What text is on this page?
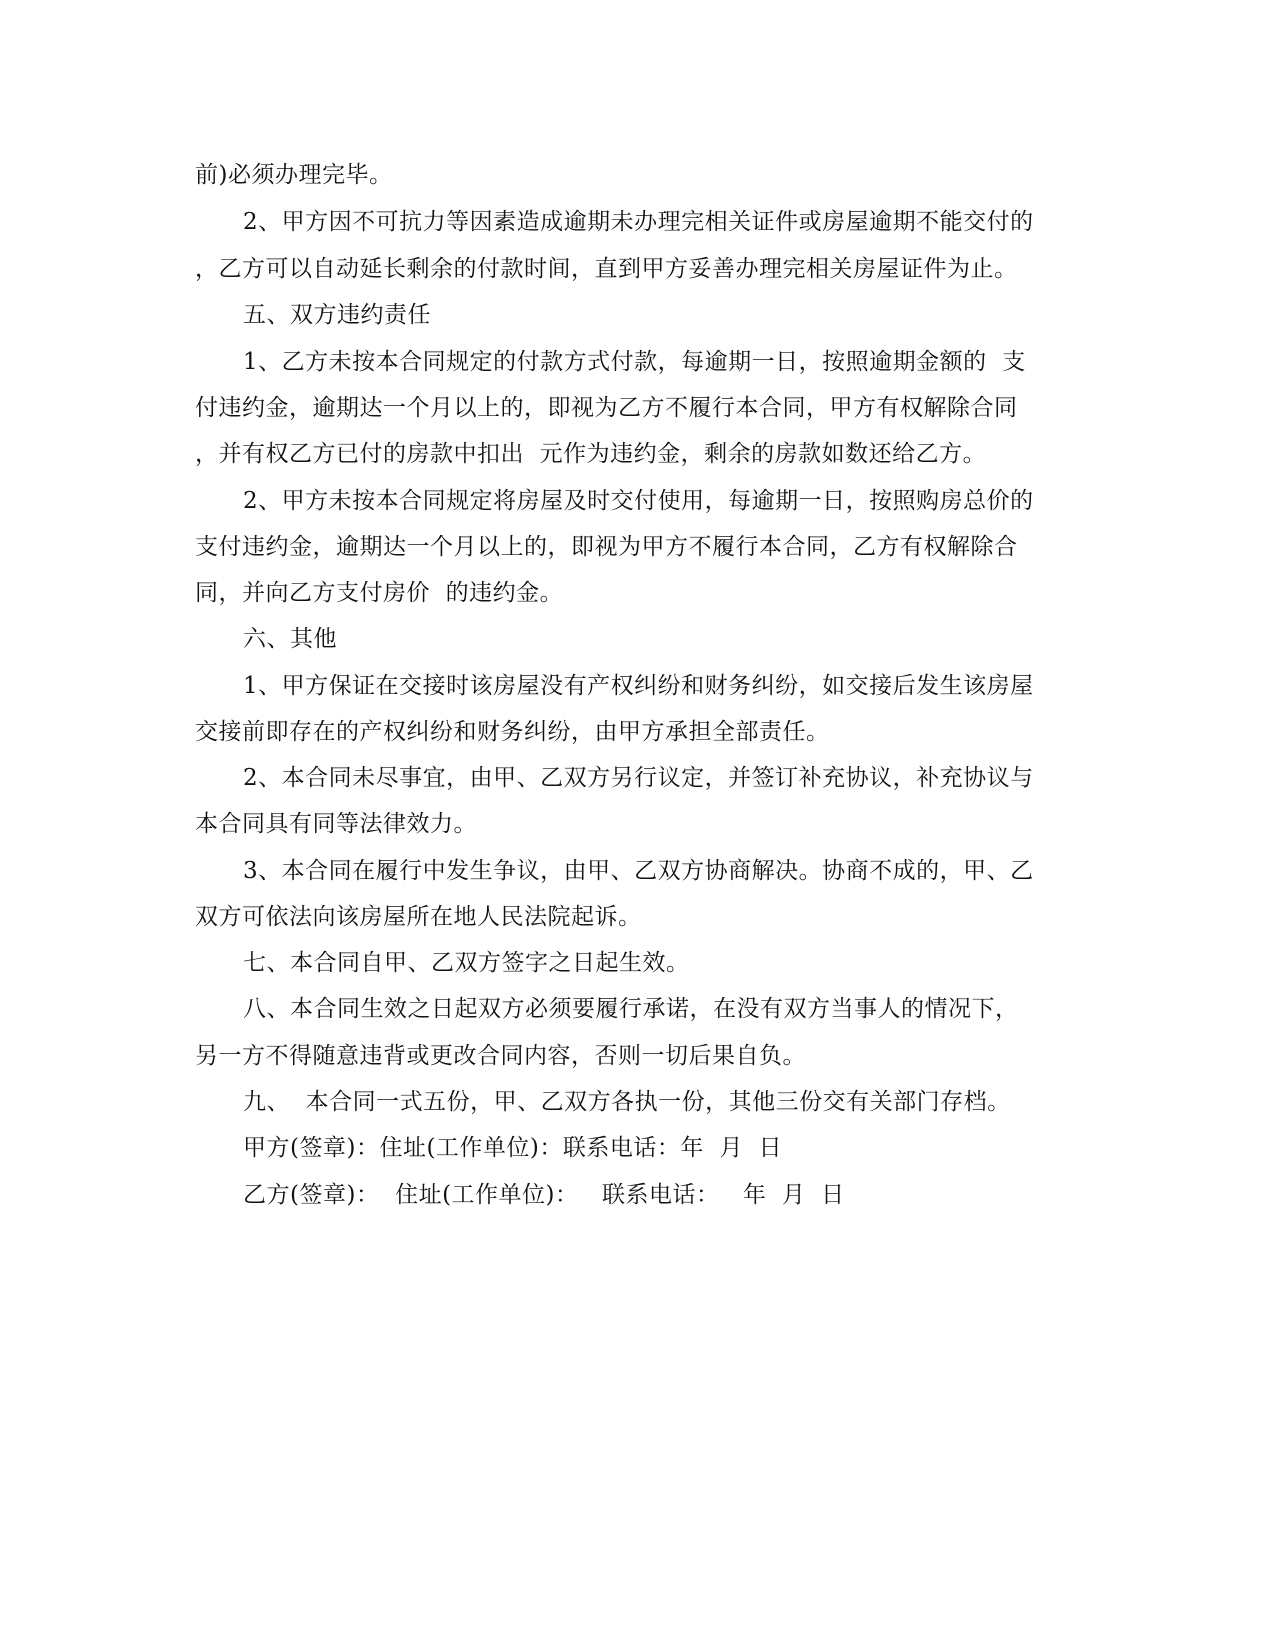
前)必须办理完毕。
2、甲方因不可抗力等因素造成逾期未办理完相关证件或房屋逾期不能交付的
，乙方可以自动延长剩余的付款时间，直到甲方妥善办理完相关房屋证件为止。
五、双方违约责任
1、乙方未按本合同规定的付款方式付款，每逾期一日，按照逾期金额的  支
付违约金，逾期达一个月以上的，即视为乙方不履行本合同，甲方有权解除合同
，并有权乙方已付的房款中扣出  元作为违约金，剩余的房款如数还给乙方。
2、甲方未按本合同规定将房屋及时交付使用，每逾期一日，按照购房总价的
支付违约金，逾期达一个月以上的，即视为甲方不履行本合同，乙方有权解除合
同，并向乙方支付房价  的违约金。
六、其他
1、甲方保证在交接时该房屋没有产权纠纷和财务纠纷，如交接后发生该房屋
交接前即存在的产权纠纷和财务纠纷，由甲方承担全部责任。
2、本合同未尽事宜，由甲、乙双方另行议定，并签订补充协议，补充协议与
本合同具有同等法律效力。
3、本合同在履行中发生争议，由甲、乙双方协商解决。协商不成的，甲、乙
双方可依法向该房屋所在地人民法院起诉。
七、本合同自甲、乙双方签字之日起生效。
八、本合同生效之日起双方必须要履行承诺，在没有双方当事人的情况下，
另一方不得随意违背或更改合同内容，否则一切后果自负。
九、  本合同一式五份，甲、乙双方各执一份，其他三份交有关部门存档。
甲方(签章)：住址(工作单位)：联系电话：年  月  日
乙方(签章)：  住址(工作单位)：   联系电话：   年  月  日
